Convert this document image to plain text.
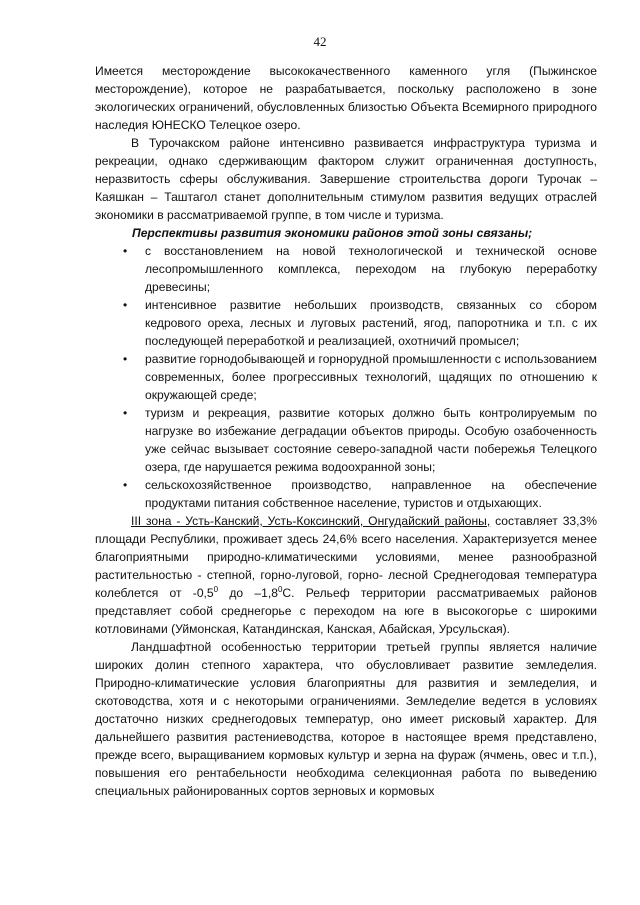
42

Имеется месторождение высококачественного каменного угля (Пыжинское месторождение), которое не разрабатывается, поскольку расположено в зоне экологических ограничений, обусловленных близостью Объекта Всемирного природного наследия ЮНЕСКО Телецкое озеро.

В Турочакском районе интенсивно развивается инфраструктура туризма и рекреации, однако сдерживающим фактором служит ограниченная доступность, неразвитость сферы обслуживания. Завершение строительства дороги Турочак – Каяшкан – Таштагол станет дополнительным стимулом развития ведущих отраслей экономики в рассматриваемой группе, в том числе и туризма.

Перспективы развития экономики районов этой зоны связаны;

• с восстановлением на новой технологической и технической основе лесопромышленного комплекса, переходом на глубокую переработку древесины;
• интенсивное развитие небольших производств, связанных со сбором кедрового ореха, лесных и луговых растений, ягод, папоротника и т.п. с их последующей переработкой и реализацией, охотничий промысел;
• развитие горнодобывающей и горнорудной промышленности с использованием современных, более прогрессивных технологий, щадящих по отношению к окружающей среде;
• туризм и рекреация, развитие которых должно быть контролируемым по нагрузке во избежание деградации объектов природы. Особую озабоченность уже сейчас вызывает состояние северо-западной части побережья Телецкого озера, где нарушается режима водоохранной зоны;
• сельскохозяйственное производство, направленное на обеспечение продуктами питания собственное население, туристов и отдыхающих.

III зона - Усть-Канский, Усть-Коксинский, Онгудайский районы, составляет 33,3% площади Республики, проживает здесь 24,6% всего населения. Характеризуется менее благоприятными природно-климатическими условиями, менее разнообразной растительностью - степной, горно-луговой, горно- лесной Среднегодовая температура колеблется от $-0,5^0$ до $-1,8^0С$. Рельеф территории рассматриваемых районов представляет собой среднегорье с переходом на юге в высокогорье с широкими котловинами (Уймонская, Катандинская, Канская, Абайская, Урсульская).

Ландшафтной особенностью территории третьей группы является наличие широких долин степного характера, что обусловливает развитие земледелия. Природно-климатические условия благоприятны для развития и земледелия, и скотоводства, хотя и с некоторыми ограничениями. Земледелие ведется в условиях достаточно низких среднегодовых температур, оно имеет рисковый характер. Для дальнейшего развития растениеводства, которое в настоящее время представлено, прежде всего, выращиванием кормовых культур и зерна на фураж (ячмень, овес и т.п.), повышения его рентабельности необходима селекционная работа по выведению специальных районированных сортов зерновых и кормовых
